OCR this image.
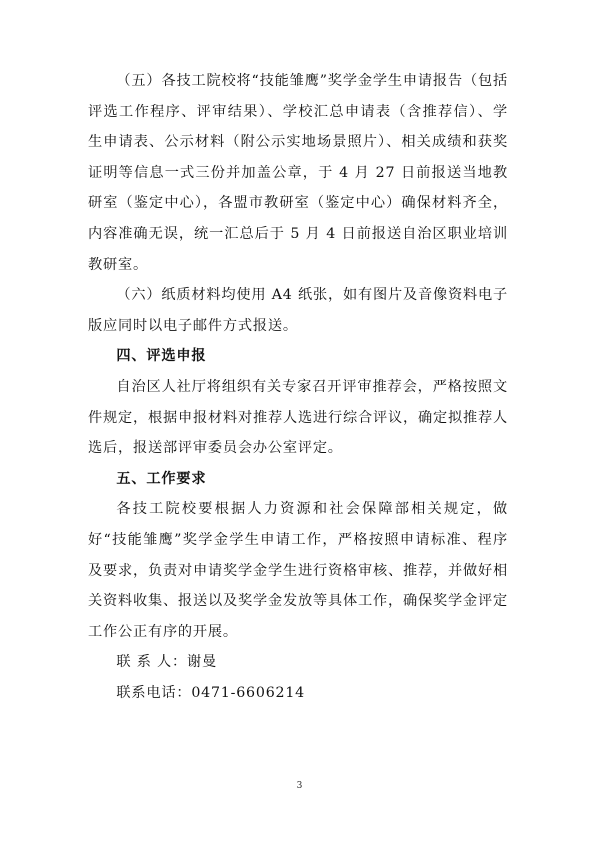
（五）各技工院校将“技能雏鹰”奖学金学生申请报告（包括评选工作程序、评审结果）、学校汇总申请表（含推荐信）、学生申请表、公示材料（附公示实地场景照片）、相关成绩和获奖证明等信息一式三份并加盖公章，于 4 月 27 日前报送当地教研室（鉴定中心），各盟市教研室（鉴定中心）确保材料齐全，内容准确无误，统一汇总后于 5 月 4 日前报送自治区职业培训教研室。

（六）纸质材料均使用 A4 纸张，如有图片及音像资料电子版应同时以电子邮件方式报送。

四、评选申报

自治区人社厅将组织有关专家召开评审推荐会，严格按照文件规定，根据申报材料对推荐人选进行综合评议，确定拟推荐人选后，报送部评审委员会办公室评定。

五、工作要求

各技工院校要根据人力资源和社会保障部相关规定，做好“技能雏鹰”奖学金学生申请工作，严格按照申请标准、程序及要求，负责对申请奖学金学生进行资格审核、推荐，并做好相关资料收集、报送以及奖学金发放等具体工作，确保奖学金评定工作公正有序的开展。

联 系 人：谢曼

联系电话：0471-6606214

3
